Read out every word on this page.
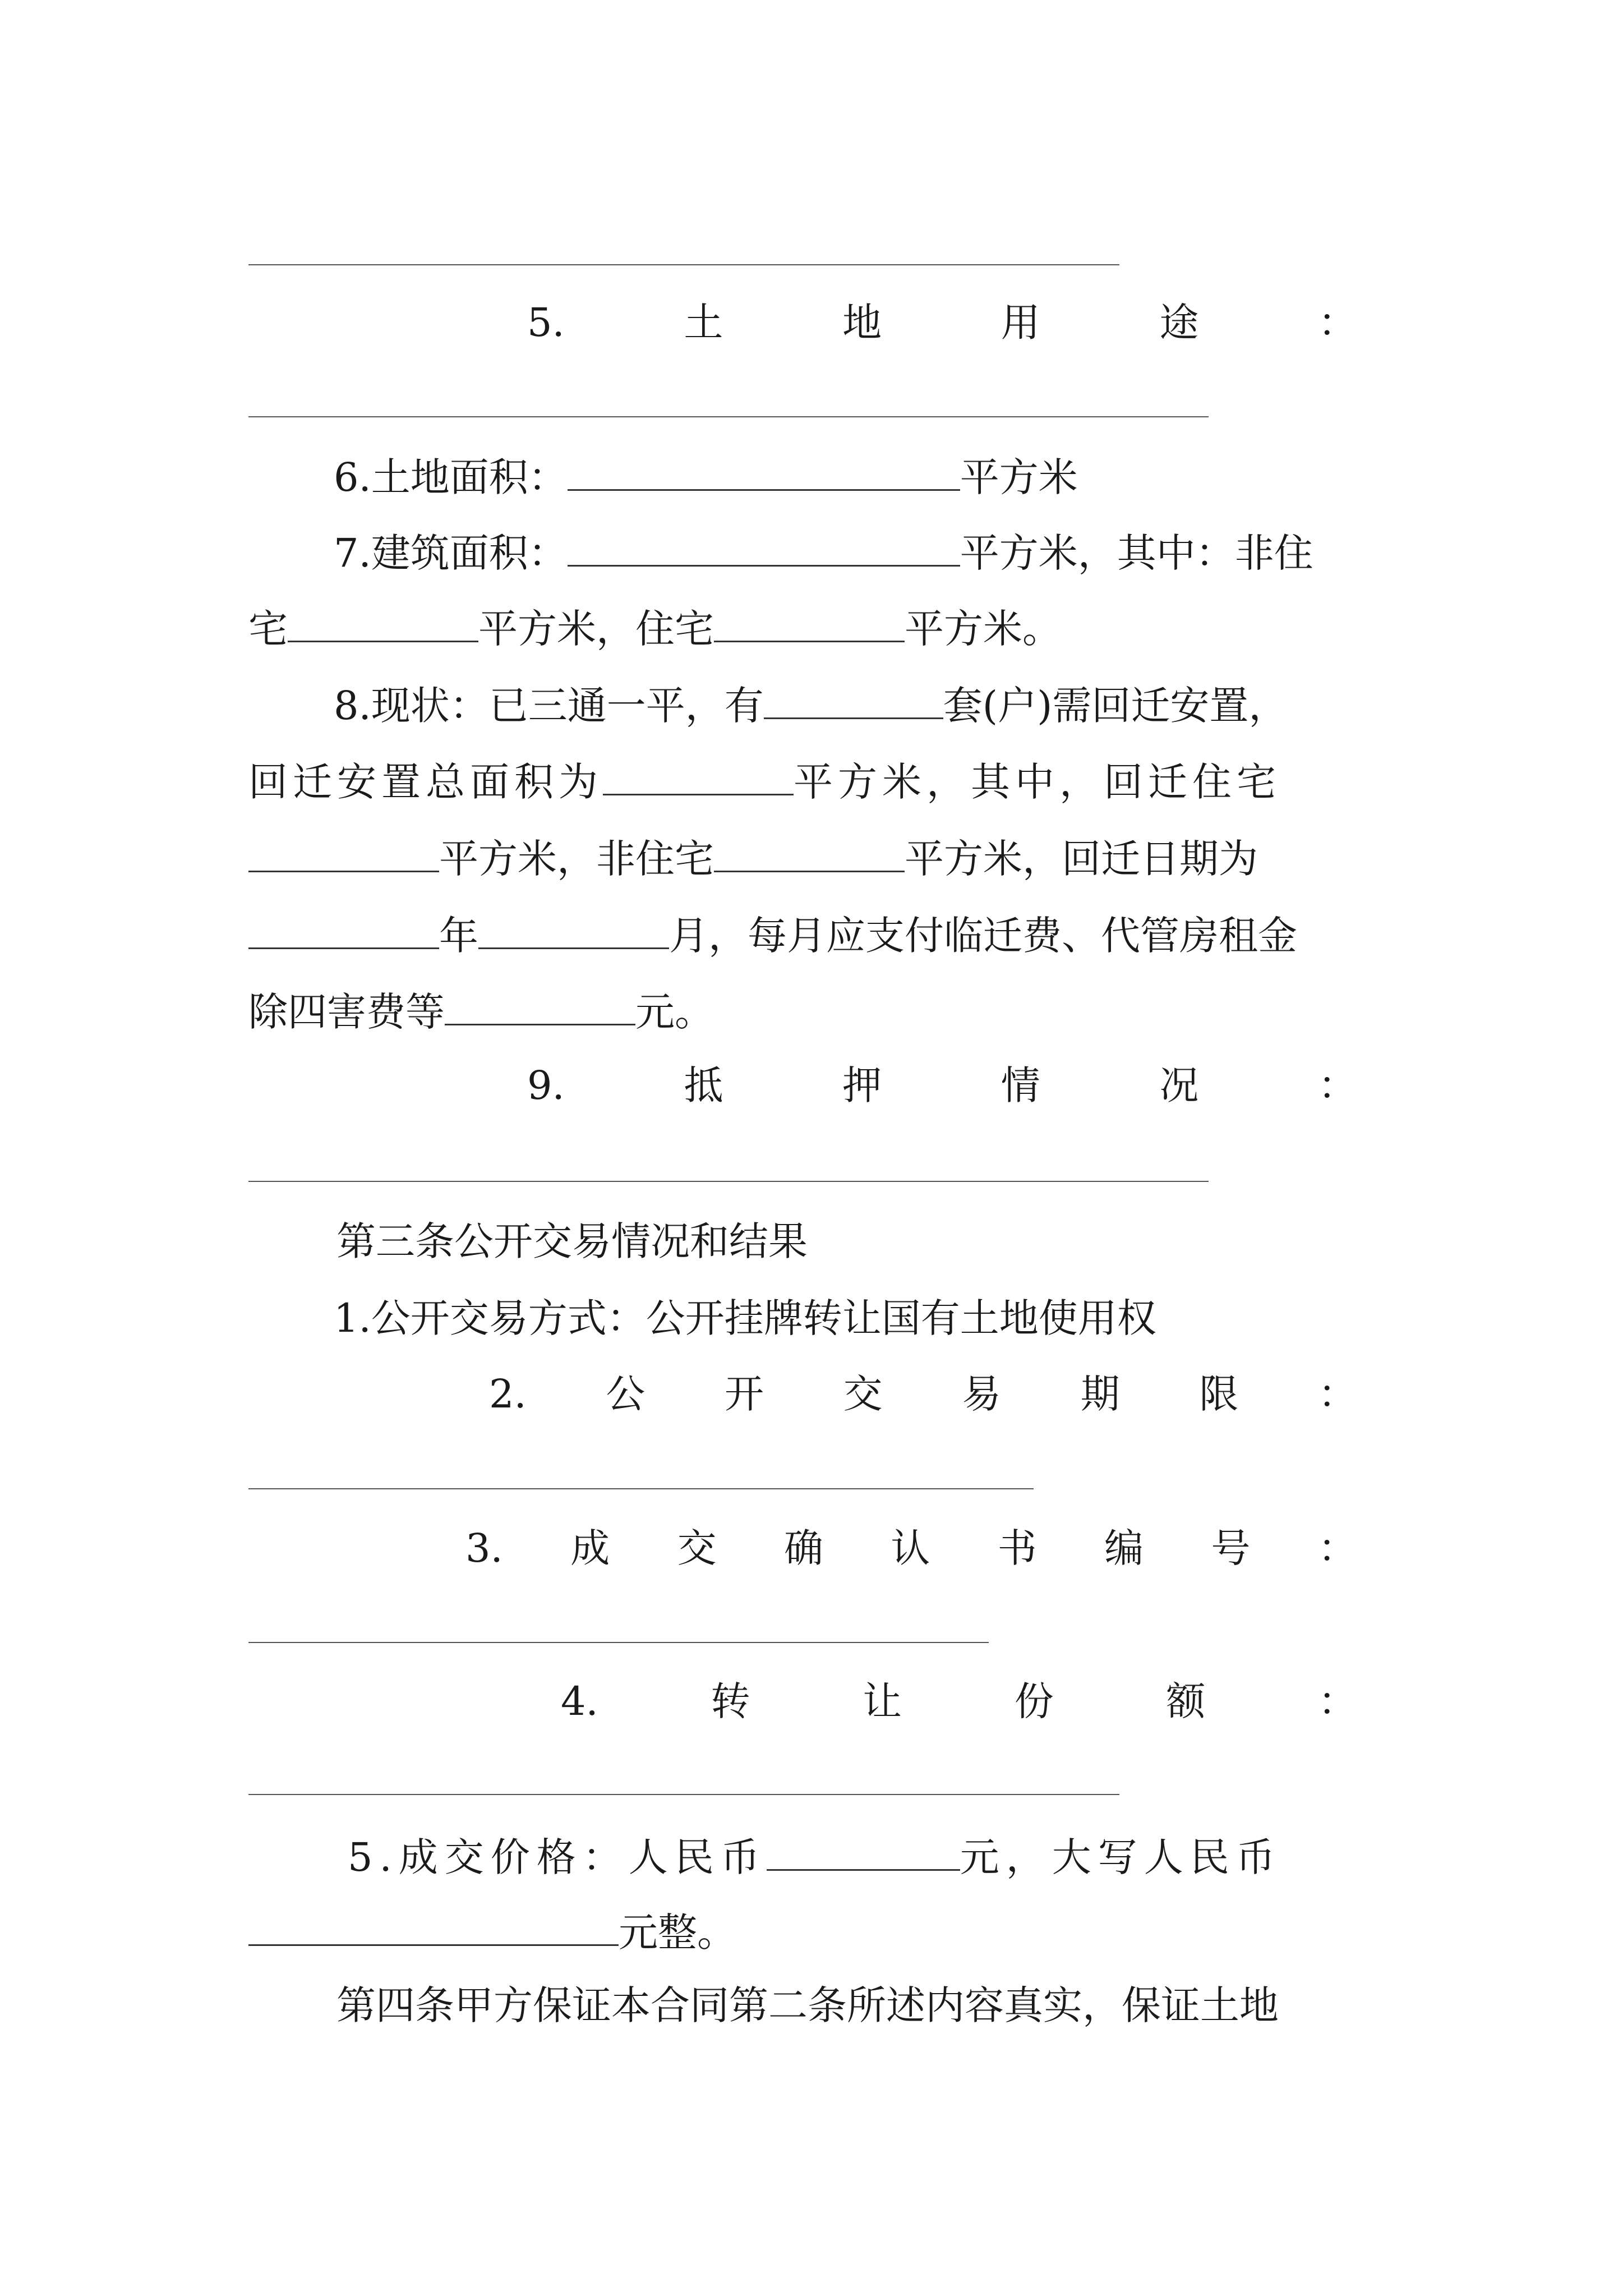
5.	土	地	用	途	：
6.土地面积：	平方米
7.建筑面积：	平方米，其中：非住
宅	平方米，住宅	平方米。
8.现状：已三通一平，有	套(户)需回迁安置，
回迁安置总面积为	平方米，其中，回迁住宅
平方米，非住宅	平方米，回迁日期为
年	月，每月应支付临迁费、代管房租金
除四害费等	元。
9.	抵	押	情	况	：
第三条公开交易情况和结果
1.公开交易方式：公开挂牌转让国有土地使用权
2. 公 开 交 易 期 限 ：
3. 成 交 确 认 书 编 号 ：
4.	转	让	份	额	：
5.成交价格：人民币	元，大写人民币
元整。
第四条甲方保证本合同第二条所述内容真实，保证土地
